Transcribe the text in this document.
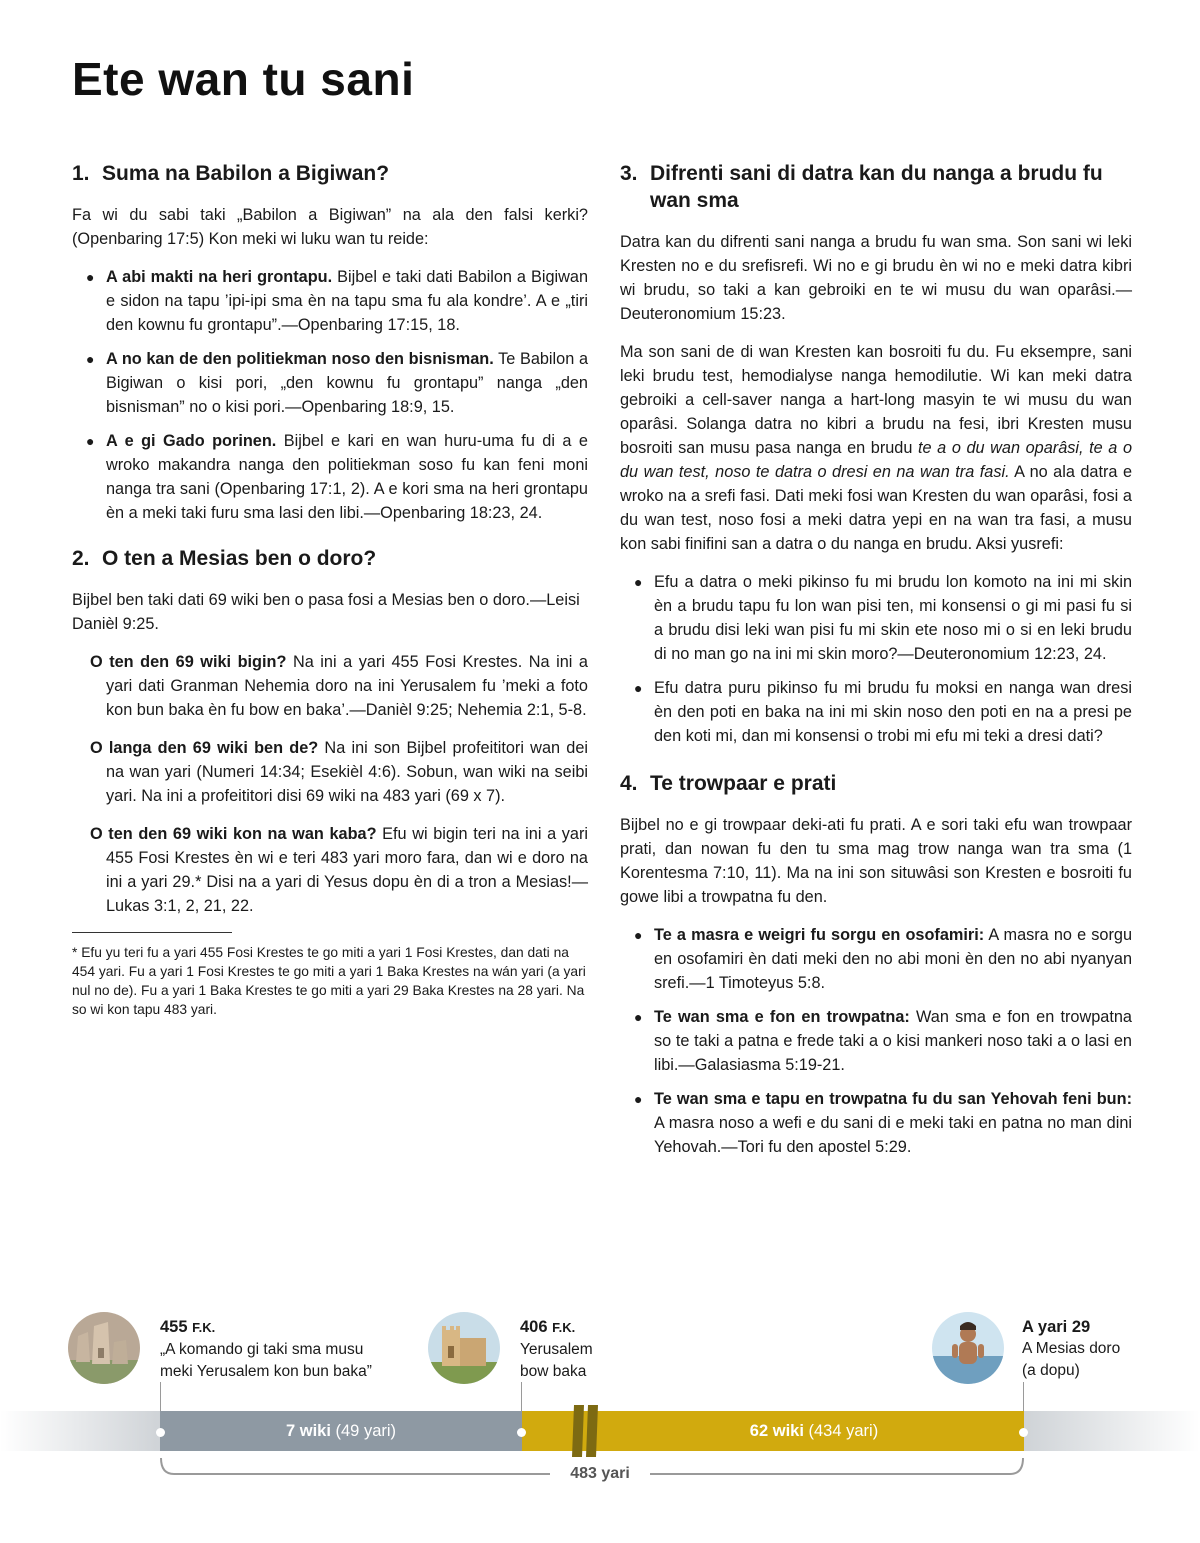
Ete wan tu sani
1. Suma na Babilon a Bigiwan?

Fa wi du sabi taki „Babilon a Bigiwan” na ala den falsi kerki? (Openbaring 17:5) Kon meki wi luku wan tu reide:

● A abi makti na heri grontapu. Bijbel e taki dati Babilon a Bigiwan e sidon na tapu ’ipi-ipi sma èn na tapu sma fu ala kondre’. A e „tiri den kownu fu grontapu”.—Openbaring 17:15, 18.
● A no kan de den politiekman noso den bisnisman. Te Babilon a Bigiwan o kisi pori, „den kownu fu grontapu” nanga „den bisnisman” no o kisi pori.—Openbaring 18:9, 15.
● A e gi Gado porinen. Bijbel e kari en wan huru-uma fu di a e wroko makandra nanga den politiekman soso fu kan feni moni nanga tra sani (Openbaring 17:1, 2). A e kori sma na heri grontapu èn a meki taki furu sma lasi den libi.—Openbaring 18:23, 24.
2. O ten a Mesias ben o doro?

Bijbel ben taki dati 69 wiki ben o pasa fosi a Mesias ben o doro.—Leisi Danièl 9:25.

O ten den 69 wiki bigin? Na ini a yari 455 Fosi Krestes. Na ini a yari dati Granman Nehemia doro na ini Yerusalem fu ’meki a foto kon bun baka èn fu bow en baka’.—Danièl 9:25; Nehemia 2:1, 5-8.

O langa den 69 wiki ben de? Na ini son Bijbel profeititori wan dei na wan yari (Numeri 14:34; Esekièl 4:6). Sobun, wan wiki na seibi yari. Na ini a profeititori disi 69 wiki na 483 yari (69 x 7).

O ten den 69 wiki kon na wan kaba? Efu wi bigin teri na ini a yari 455 Fosi Krestes èn wi e teri 483 yari moro fara, dan wi e doro na ini a yari 29.* Disi na a yari di Yesus dopu èn di a tron a Mesias!—Lukas 3:1, 2, 21, 22.

* Efu yu teri fu a yari 455 Fosi Krestes te go miti a yari 1 Fosi Krestes, dan dati na 454 yari. Fu a yari 1 Fosi Krestes te go miti a yari 1 Baka Krestes na wán yari (a yari nul no de). Fu a yari 1 Baka Krestes te go miti a yari 29 Baka Krestes na 28 yari. Na so wi kon tapu 483 yari.

3. Difrenti sani di datra kan du nanga a brudu fu wan sma

Datra kan du difrenti sani nanga a brudu fu wan sma. Son sani wi leki Kresten no e du srefisrefi. Wi no e gi brudu èn wi no e meki datra kibri wi brudu, so taki a kan gebroiki en te wi musu du wan oparâsi.—Deuteronomium 15:23.

Ma son sani de di wan Kresten kan bosroiti fu du. Fu eksempre, sani leki brudu test, hemodialyse nanga hemodilutie. Wi kan meki datra gebroiki a cell-saver nanga a hart-long masyin te wi musu du wan oparâsi. Solanga datra no kibri a brudu na fesi, ibri Kresten musu bosroiti san musu pasa nanga en brudu te a o du wan oparâsi, te a o du wan test, noso te datra o dresi en na wan tra fasi. A no ala datra e wroko na a srefi fasi. Dati meki fosi wan Kresten du wan oparâsi, fosi a du wan test, noso fosi a meki datra yepi en na wan tra fasi, a musu kon sabi finifini san a datra o du nanga en brudu. Aksi yusrefi:

● Efu a datra o meki pikinso fu mi brudu lon komoto na ini mi skin èn a brudu tapu fu lon wan pisi ten, mi konsensi o gi mi pasi fu si a brudu disi leki wan pisi fu mi skin ete noso mi o si en leki brudu di no man go na ini mi skin moro?—Deuteronomium 12:23, 24.
● Efu datra puru pikinso fu mi brudu fu moksi en nanga wan dresi èn den poti en baka na ini mi skin noso den poti en na a presi pe den koti mi, dan mi konsensi o trobi mi efu mi teki a dresi dati?
4. Te trowpaar e prati

Bijbel no e gi trowpaar deki-ati fu prati. A e sori taki efu wan trowpaar prati, dan nowan fu den tu sma mag trow nanga wan tra sma (1 Korentesma 7:10, 11). Ma na ini son situwâsi son Kresten e bosroiti fu gowe libi a trowpatna fu den.

● Te a masra e weigri fu sorgu en osofamiri: A masra no e sorgu en osofamiri èn dati meki den no abi moni èn den no abi nyanyan srefi.—1 Timoteyus 5:8.
● Te wan sma e fon en trowpatna: Wan sma e fon en trowpatna so te taki a patna e frede taki a o kisi mankeri noso taki a o lasi en libi.—Galasiasma 5:19-21.
● Te wan sma e tapu en trowpatna fu du san Yehovah feni bun: A masra noso a wefi e du sani di e meki taki en patna no man dini Yehovah.—Tori fu den apostel 5:29.
455 F.K.
„A komando gi taki sma musu
meki Yerusalem kon bun baka”
406 F.K.
Yerusalem
bow baka
A yari 29
A Mesias doro
(a dopu)
7 wiki (49 yari)	62 wiki (434 yari)
483 yari
